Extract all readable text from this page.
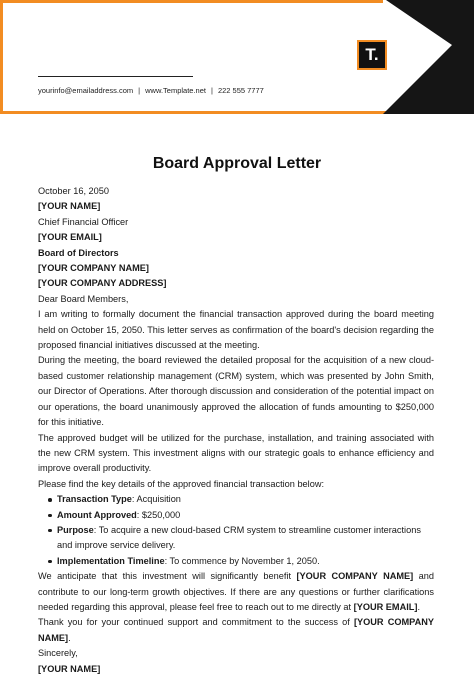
T.
yourinfo@emailaddress.com | www.Template.net | 222 555 7777
Board Approval Letter

October 16, 2050

[YOUR NAME]

Chief Financial Officer

[YOUR EMAIL]

Board of Directors

[YOUR COMPANY NAME]

[YOUR COMPANY ADDRESS]

Dear Board Members,

I am writing to formally document the financial transaction approved during the board meeting held on October 15, 2050. This letter serves as confirmation of the board's decision regarding the proposed financial initiatives discussed at the meeting.

During the meeting, the board reviewed the detailed proposal for the acquisition of a new cloud-based customer relationship management (CRM) system, which was presented by John Smith, our Director of Operations. After thorough discussion and consideration of the potential impact on our operations, the board unanimously approved the allocation of funds amounting to $250,000 for this initiative.

The approved budget will be utilized for the purchase, installation, and training associated with the new CRM system. This investment aligns with our strategic goals to enhance efficiency and improve overall productivity.

Please find the key details of the approved financial transaction below:

Transaction Type: Acquisition
Amount Approved: $250,000
Purpose: To acquire a new cloud-based CRM system to streamline customer interactions and improve service delivery.
Implementation Timeline: To commence by November 1, 2050.

We anticipate that this investment will significantly benefit [YOUR COMPANY NAME] and contribute to our long-term growth objectives. If there are any questions or further clarifications needed regarding this approval, please feel free to reach out to me directly at [YOUR EMAIL].

Thank you for your continued support and commitment to the success of [YOUR COMPANY NAME].

Sincerely,

[YOUR NAME]
